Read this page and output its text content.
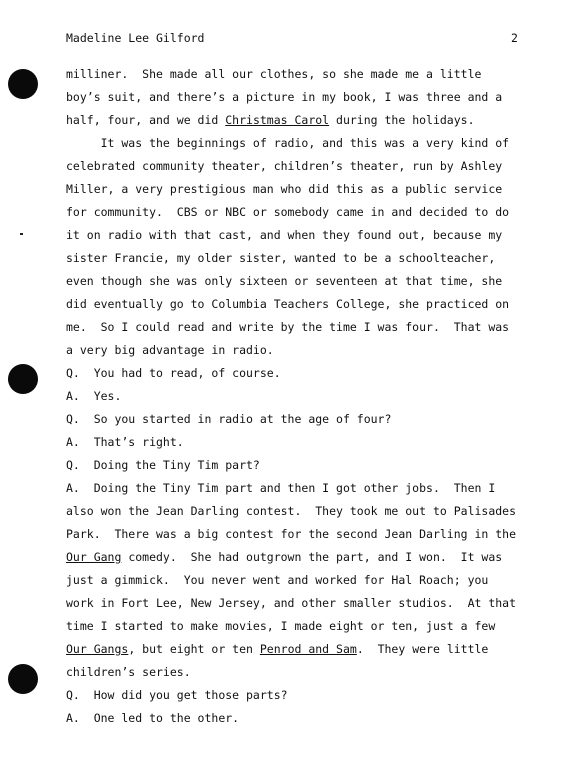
Madeline Lee Gilford	2
milliner.  She made all our clothes, so she made me a little
boy’s suit, and there’s a picture in my book, I was three and a
half, four, and we did Christmas Carol during the holidays.
It was the beginnings of radio, and this was a very kind of
celebrated community theater, children’s theater, run by Ashley
Miller, a very prestigious man who did this as a public service
for community.  CBS or NBC or somebody came in and decided to do
it on radio with that cast, and when they found out, because my
sister Francie, my older sister, wanted to be a schoolteacher,
even though she was only sixteen or seventeen at that time, she
did eventually go to Columbia Teachers College, she practiced on
me.  So I could read and write by the time I was four.  That was
a very big advantage in radio.
Q.  You had to read, of course.
A.  Yes.
Q.  So you started in radio at the age of four?
A.  That’s right.
Q.  Doing the Tiny Tim part?
A.  Doing the Tiny Tim part and then I got other jobs.  Then I
also won the Jean Darling contest.  They took me out to Palisades
Park.  There was a big contest for the second Jean Darling in the
Our Gang comedy.  She had outgrown the part, and I won.  It was
just a gimmick.  You never went and worked for Hal Roach; you
work in Fort Lee, New Jersey, and other smaller studios.  At that
time I started to make movies, I made eight or ten, just a few
Our Gangs, but eight or ten Penrod and Sam.  They were little
children’s series.
Q.  How did you get those parts?
A.  One led to the other.
